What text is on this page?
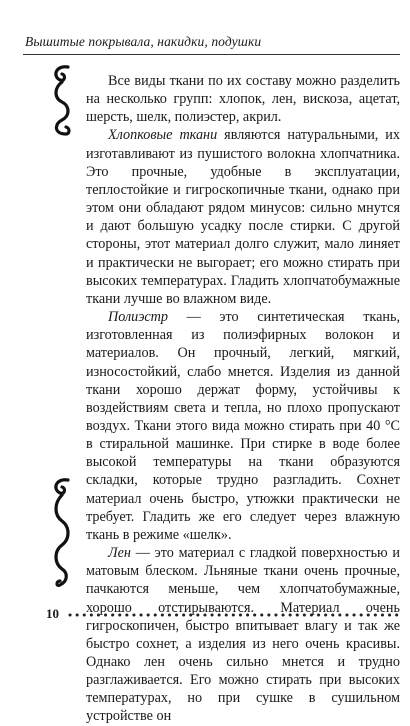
Вышитые покрывала, накидки, подушки

Все виды ткани по их составу можно разделить на несколько групп: хлопок, лен, вискоза, ацетат, шерсть, шелк, полиэстер, акрил.

Хлопковые ткани являются натуральными, их изготавливают из пушистого волокна хлопчатника. Это прочные, удобные в эксплуатации, теплостойкие и гигроскопичные ткани, однако при этом они обладают рядом минусов: сильно мнутся и дают большую усадку после стирки. С другой стороны, этот материал долго служит, мало линяет и практически не выгорает; его можно стирать при высоких температурах. Гладить хлопчатобумажные ткани лучше во влажном виде.

Полиэстр — это синтетическая ткань, изготовленная из полиэфирных волокон и материалов. Он прочный, легкий, мягкий, износостойкий, слабо мнется. Изделия из данной ткани хорошо держат форму, устойчивы к воздействиям света и тепла, но плохо пропускают воздух. Ткани этого вида можно стирать при 40 °С в стиральной машинке. При стирке в воде более высокой температуры на ткани образуются складки, которые трудно разгладить. Сохнет материал очень быстро, утюжки практически не требует. Гладить же его следует через влажную ткань в режиме «шелк».

Лен — это материал с гладкой поверхностью и матовым блеском. Льняные ткани очень прочные, пачкаются меньше, чем хлопчатобумажные, хорошо отстирываются. Материал очень гигроскопичен, быстро впитывает влагу и так же быстро сохнет, а изделия из него очень красивы. Однако лен очень сильно мнется и трудно разглаживается. Его можно стирать при высоких температурах, но при сушке в сушильном устройстве он

10
